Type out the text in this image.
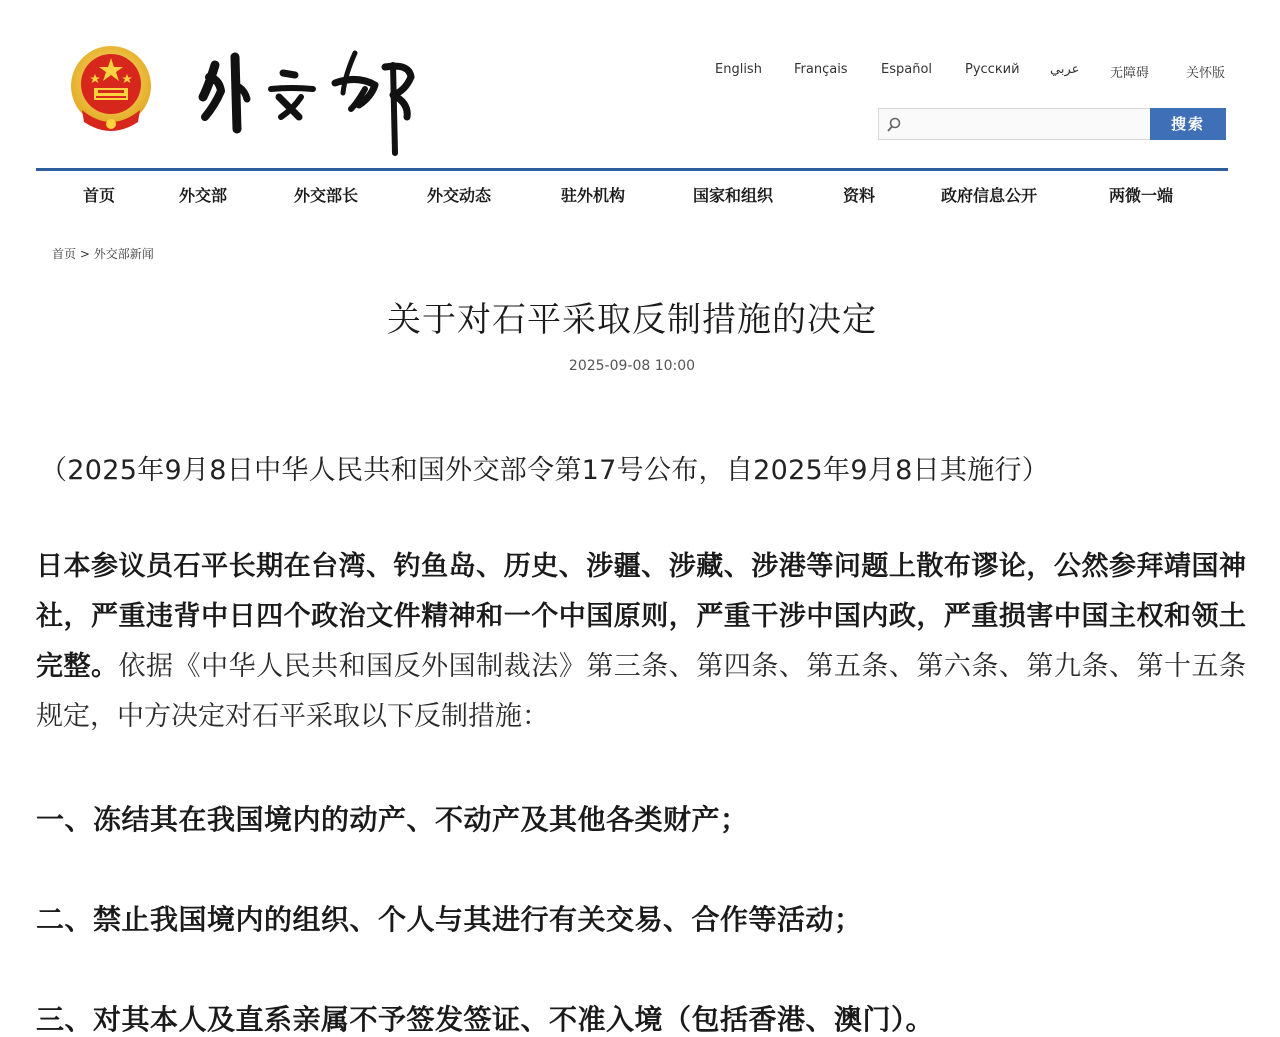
English Français	Español	Русский عربي 无障碍	关怀版
搜索
首页	外交部	外交部长	外交动态	驻外机构	国家和组织	资料	政府信息公开	两微一端
首页 > 外交部新闻
关于对石平采取反制措施的决定
2025-09-08 10:00
（2025年9月8日中华人民共和国外交部令第17号公布，自2025年9月8日其施行）
日本参议员石平长期在台湾、钓鱼岛、历史、涉疆、涉藏、涉港等问题上散布谬论，公然参拜靖国神社，严重违背中日四个政治文件精神和一个中国原则，严重干涉中国内政，严重损害中国主权和领土完整。依据《中华人民共和国反外国制裁法》第三条、第四条、第五条、第六条、第九条、第十五条规定，中方决定对石平采取以下反制措施：
一、冻结其在我国境内的动产、不动产及其他各类财产；
二、禁止我国境内的组织、个人与其进行有关交易、合作等活动；
三、对其本人及直系亲属不予签发签证、不准入境（包括香港、澳门）。
